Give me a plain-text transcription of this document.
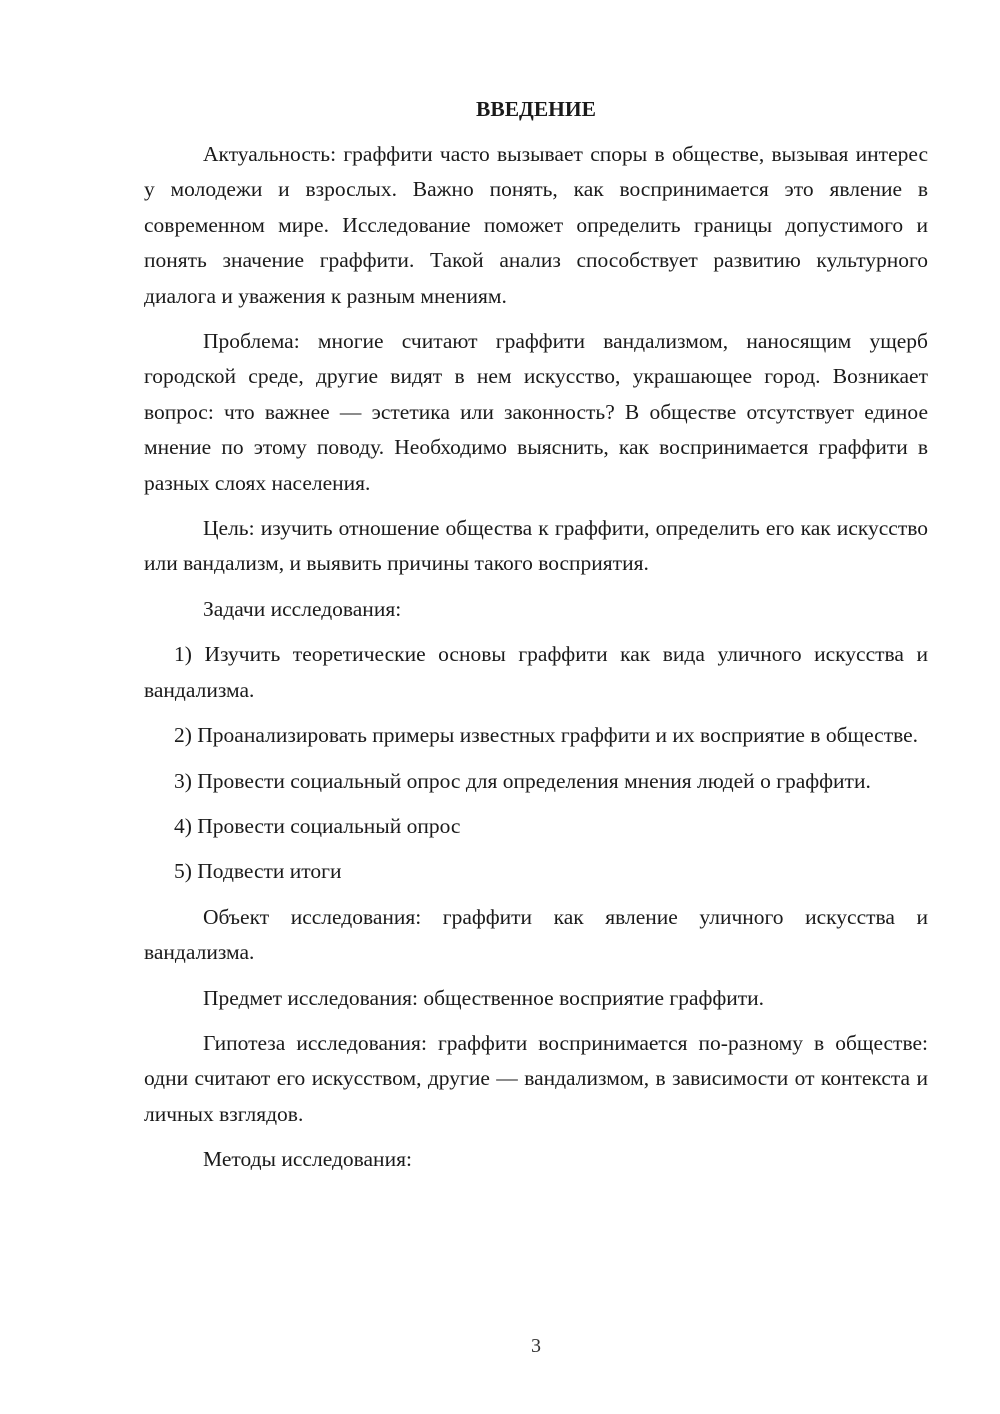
ВВЕДЕНИЕ

Актуальность: граффити часто вызывает споры в обществе, вызывая интерес у молодежи и взрослых. Важно понять, как воспринимается это явление в современном мире. Исследование поможет определить границы допустимого и понять значение граффити. Такой анализ способствует развитию культурного диалога и уважения к разным мнениям.

Проблема: многие считают граффити вандализмом, наносящим ущерб городской среде, другие видят в нем искусство, украшающее город. Возникает вопрос: что важнее — эстетика или законность? В обществе отсутствует единое мнение по этому поводу. Необходимо выяснить, как воспринимается граффити в разных слоях населения.

Цель: изучить отношение общества к граффити, определить его как искусство или вандализм, и выявить причины такого восприятия.

Задачи исследования:

1) Изучить теоретические основы граффити как вида уличного искусства и вандализма.

2) Проанализировать примеры известных граффити и их восприятие в обществе.

3) Провести социальный опрос для определения мнения людей о граффити.

4) Провести социальный опрос

5) Подвести итоги

Объект исследования: граффити как явление уличного искусства и вандализма.

Предмет исследования: общественное восприятие граффити.

Гипотеза исследования: граффити воспринимается по-разному в обществе: одни считают его искусством, другие — вандализмом, в зависимости от контекста и личных взглядов.

Методы исследования:

3
